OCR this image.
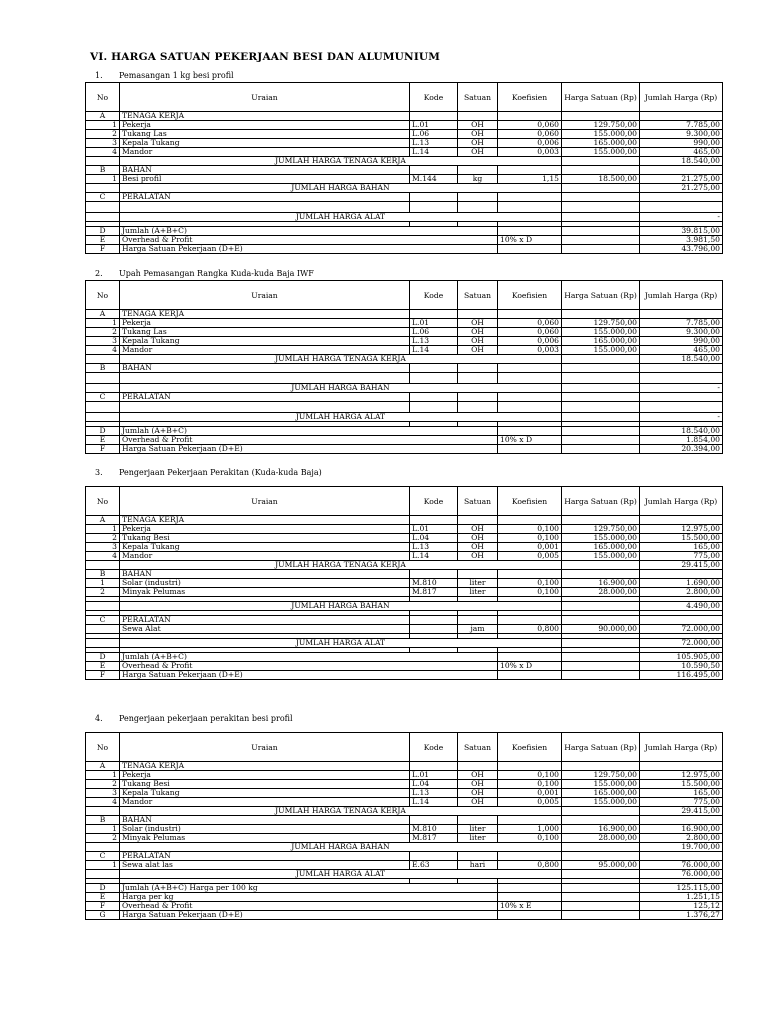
VI. HARGA SATUAN PEKERJAAN BESI DAN ALUMUNIUM
1. Pemasangan 1 kg besi profil
No	Uraian	Kode	Satuan	Koefisien	Harga Satuan (Rp)	Jumlah Harga (Rp)
A	TENAGA KERJA					
1	Pekerja	L.01	OH	0,060	129.750,00	7.785,00
2	Tukang Las	L.06	OH	0,060	155.000,00	9.300,00
3	Kepala Tukang	L.13	OH	0,006	165.000,00	990,00
4	Mandor	L.14	OH	0,003	155.000,00	465,00
	JUMLAH HARGA TENAGA KERJA					18.540,00
B	BAHAN					
1	Besi profil	M.144	kg	1,15	18.500,00	21.275,00
	JUMLAH HARGA BAHAN					21.275,00
C	PERALATAN					

	JUMLAH HARGA ALAT					-

D	Jumlah (A+B+C)					39.815,00
E	Overhead & Profit			10% x D		3.981,50
F	Harga Satuan Pekerjaan (D+E)					43.796,00
2. Upah Pemasangan Rangka Kuda-kuda Baja IWF
No	Uraian	Kode	Satuan	Koefisien	Harga Satuan (Rp)	Jumlah Harga (Rp)
A	TENAGA KERJA					
1	Pekerja	L.01	OH	0,060	129.750,00	7.785,00
2	Tukang Las	L.06	OH	0,060	155.000,00	9.300,00
3	Kepala Tukang	L.13	OH	0,006	165.000,00	990,00
4	Mandor	L.14	OH	0,003	155.000,00	465,00
	JUMLAH HARGA TENAGA KERJA					18.540,00
B	BAHAN					

	JUMLAH HARGA BAHAN					-
C	PERALATAN					

	JUMLAH HARGA ALAT					-

D	Jumlah (A+B+C)					18.540,00
E	Overhead & Profit			10% x D		1.854,00
F	Harga Satuan Pekerjaan (D+E)					20.394,00
3. Pengerjaan Pekerjaan Perakitan (Kuda-kuda Baja)
No	Uraian	Kode	Satuan	Koefisien	Harga Satuan (Rp)	Jumlah Harga (Rp)
A	TENAGA KERJA					
1	Pekerja	L.01	OH	0,100	129.750,00	12.975,00
2	Tukang Besi	L.04	OH	0,100	155.000,00	15.500,00
3	Kepala Tukang	L.13	OH	0,001	165.000,00	165,00
4	Mandor	L.14	OH	0,005	155.000,00	775,00
	JUMLAH HARGA TENAGA KERJA					29.415,00
B	BAHAN					
1	Solar (industri)	M.810	liter	0,100	16.900,00	1.690,00
2	Minyak Pelumas	M.817	liter	0,100	28.000,00	2.800,00

	JUMLAH HARGA BAHAN					4.490,00

C	PERALATAN					
	Sewa Alat		jam	0,800	90.000,00	72.000,00

	JUMLAH HARGA ALAT					72.000,00

D	Jumlah (A+B+C)					105.905,00
E	Overhead & Profit			10% x D		10.590,50
F	Harga Satuan Pekerjaan (D+E)					116.495,00
4. Pengerjaan pekerjaan perakitan besi profil
No	Uraian	Kode	Satuan	Koefisien	Harga Satuan (Rp)	Jumlah Harga (Rp)
A	TENAGA KERJA					
1	Pekerja	L.01	OH	0,100	129.750,00	12.975,00
2	Tukang Besi	L.04	OH	0,100	155.000,00	15.500,00
3	Kepala Tukang	L.13	OH	0,001	165.000,00	165,00
4	Mandor	L.14	OH	0,005	155.000,00	775,00
	JUMLAH HARGA TENAGA KERJA					29.415,00
B	BAHAN					
1	Solar (industri)	M.810	liter	1,000	16.900,00	16.900,00
2	Minyak Pelumas	M.817	liter	0,100	28.000,00	2.800,00
	JUMLAH HARGA BAHAN					19.700,00
C	PERALATAN					
1	Sewa alat las	E.63	hari	0,800	95.000,00	76.000,00
	JUMLAH HARGA ALAT					76.000,00

D	Jumlah (A+B+C) Harga per 100 kg					125.115,00
E	Harga per kg					1.251,15
F	Overhead & Profit			10% x E		125,12
G	Harga Satuan Pekerjaan (D+E)					1.376,27
